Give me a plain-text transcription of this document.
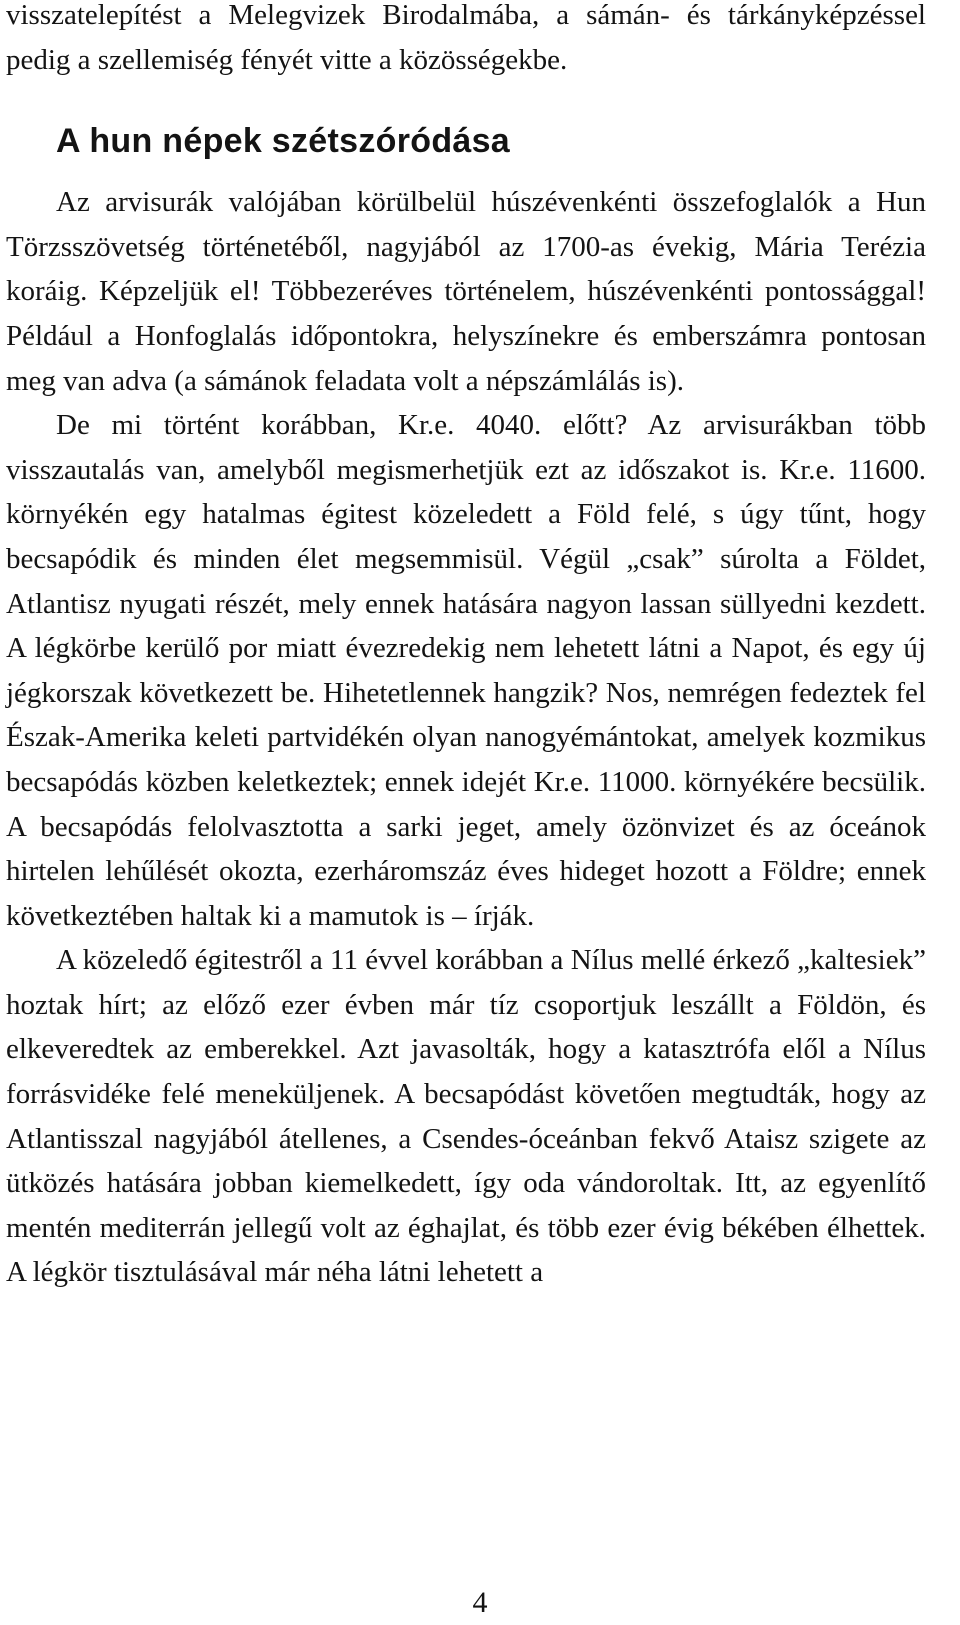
visszatelepítést a Melegvizek Birodalmába, a sámán- és tárkányképzéssel pedig a szellemiség fényét vitte a közösségekbe.

A hun népek szétszóródása

Az arvisurák valójában körülbelül húszévenkénti összefoglalók a Hun Törzsszövetség történetéből, nagyjából az 1700-as évekig, Mária Terézia koráig. Képzeljük el! Többezeréves történelem, húszévenkénti pontossággal! Például a Honfoglalás időpontokra, helyszínekre és emberszámra pontosan meg van adva (a sámánok feladata volt a népszámlálás is).

De mi történt korábban, Kr.e. 4040. előtt? Az arvisurákban több visszautalás van, amelyből megismerhetjük ezt az időszakot is. Kr.e. 11600. környékén egy hatalmas égitest közeledett a Föld felé, s úgy tűnt, hogy becsapódik és minden élet megsemmisül. Végül „csak” súrolta a Földet, Atlantisz nyugati részét, mely ennek hatására nagyon lassan süllyedni kezdett. A légkörbe kerülő por miatt évezredekig nem lehetett látni a Napot, és egy új jégkorszak következett be. Hihetetlennek hangzik? Nos, nemrégen fedeztek fel Észak-Amerika keleti partvidékén olyan nanogyémántokat, amelyek kozmikus becsapódás közben keletkeztek; ennek idejét Kr.e. 11000. környékére becsülik. A becsapódás felolvasztotta a sarki jeget, amely özönvizet és az óceánok hirtelen lehűlését okozta, ezerháromszáz éves hideget hozott a Földre; ennek következtében haltak ki a mamutok is – írják.

A közeledő égitestről a 11 évvel korábban a Nílus mellé érkező „kaltesiek” hoztak hírt; az előző ezer évben már tíz csoportjuk leszállt a Földön, és elkeveredtek az emberekkel. Azt javasolták, hogy a katasztrófa elől a Nílus forrásvidéke felé meneküljenek. A becsapódást követően megtudták, hogy az Atlantisszal nagyjából átellenes, a Csendes-óceánban fekvő Ataisz szigete az ütközés hatására jobban kiemelkedett, így oda vándoroltak. Itt, az egyenlítő mentén mediterrán jellegű volt az éghajlat, és több ezer évig békében élhettek. A légkör tisztulásával már néha látni lehetett a

4
